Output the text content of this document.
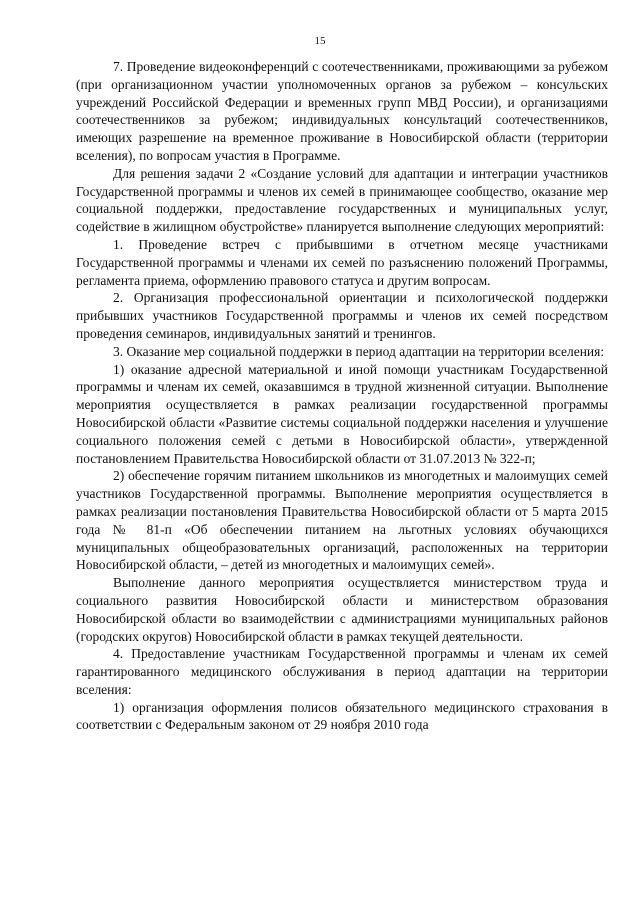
15

7. Проведение видеоконференций с соотечественниками, проживающими за рубежом (при организационном участии уполномоченных органов за рубежом – консульских учреждений Российской Федерации и временных групп МВД России), и организациями соотечественников за рубежом; индивидуальных консультаций соотечественников, имеющих разрешение на временное проживание в Новосибирской области (территории вселения), по вопросам участия в Программе.

Для решения задачи 2 «Создание условий для адаптации и интеграции участников Государственной программы и членов их семей в принимающее сообщество, оказание мер социальной поддержки, предоставление государственных и муниципальных услуг, содействие в жилищном обустройстве» планируется выполнение следующих мероприятий:

1. Проведение встреч с прибывшими в отчетном месяце участниками Государственной программы и членами их семей по разъяснению положений Программы, регламента приема, оформлению правового статуса и другим вопросам.

2. Организация профессиональной ориентации и психологической поддержки прибывших участников Государственной программы и членов их семей посредством проведения семинаров, индивидуальных занятий и тренингов.

3. Оказание мер социальной поддержки в период адаптации на территории вселения:

1) оказание адресной материальной и иной помощи участникам Государственной программы и членам их семей, оказавшимся в трудной жизненной ситуации. Выполнение мероприятия осуществляется в рамках реализации государственной программы Новосибирской области «Развитие системы социальной поддержки населения и улучшение социального положения семей с детьми в Новосибирской области», утвержденной постановлением Правительства Новосибирской области от 31.07.2013 № 322-п;

2) обеспечение горячим питанием школьников из многодетных и малоимущих семей участников Государственной программы. Выполнение мероприятия осуществляется в рамках реализации постановления Правительства Новосибирской области от 5 марта 2015 года № 81-п «Об обеспечении питанием на льготных условиях обучающихся муниципальных общеобразовательных организаций, расположенных на территории Новосибирской области, – детей из многодетных и малоимущих семей».

Выполнение данного мероприятия осуществляется министерством труда и социального развития Новосибирской области и министерством образования Новосибирской области во взаимодействии с администрациями муниципальных районов (городских округов) Новосибирской области в рамках текущей деятельности.

4. Предоставление участникам Государственной программы и членам их семей гарантированного медицинского обслуживания в период адаптации на территории вселения:

1) организация оформления полисов обязательного медицинского страхования в соответствии с Федеральным законом от 29 ноября 2010 года
